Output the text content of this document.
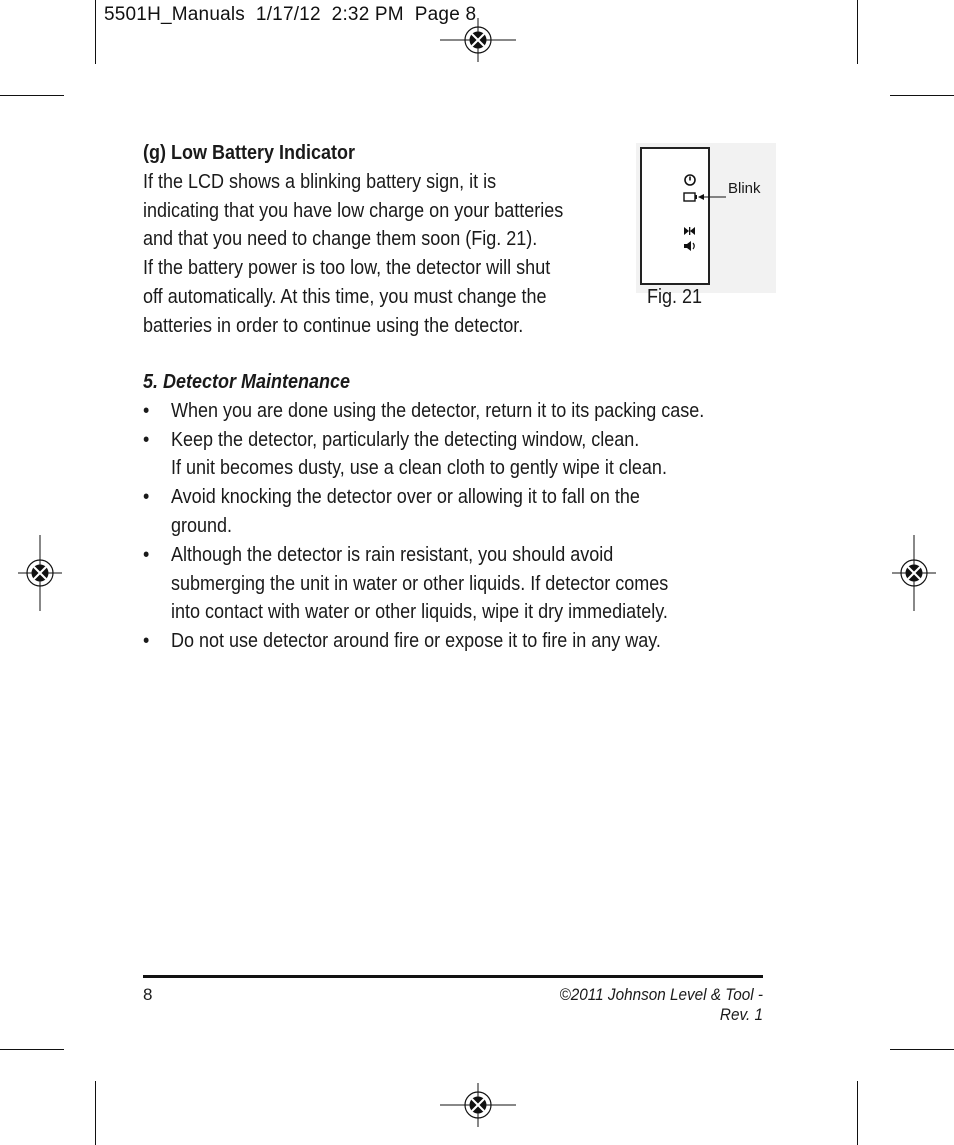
5501H_Manuals  1/17/12  2:32 PM  Page 8
(g) Low Battery Indicator
If the LCD shows a blinking battery sign, it is
indicating that you have low charge on your batteries
and that you need to change them soon (Fig. 21).
If the battery power is too low, the detector will shut
off automatically. At this time, you must change the
batteries in order to continue using the detector.
Blink
Fig. 21
5. Detector Maintenance
• When you are done using the detector, return it to its packing case.
• Keep the detector, particularly the detecting window, clean.
If unit becomes dusty, use a clean cloth to gently wipe it clean.
• Avoid knocking the detector over or allowing it to fall on the
ground.
• Although the detector is rain resistant, you should avoid
submerging the unit in water or other liquids. If detector comes
into contact with water or other liquids, wipe it dry immediately.
• Do not use detector around fire or expose it to fire in any way.
8	©2011 Johnson Level & Tool - Rev. 1
